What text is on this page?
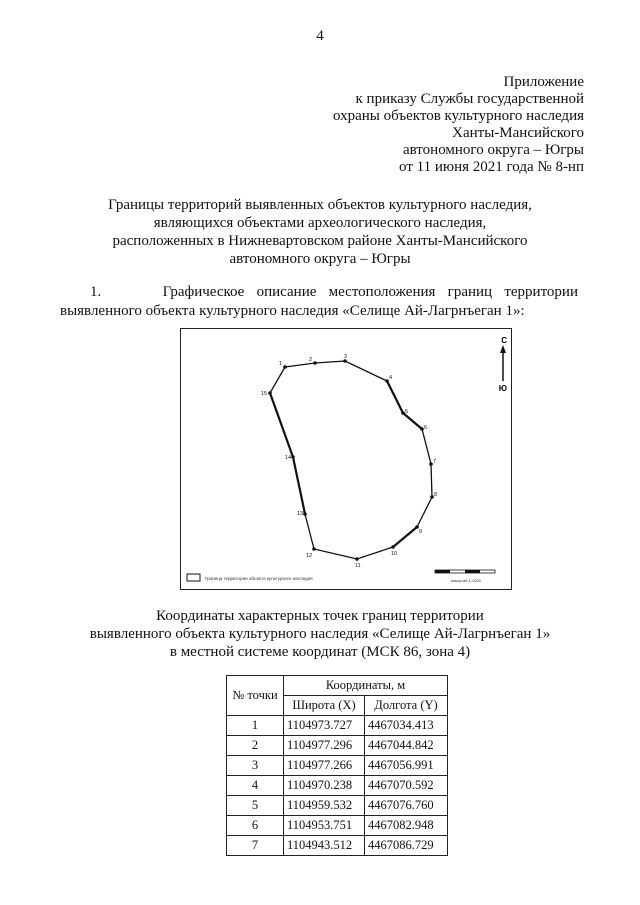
4
Приложение
к приказу Службы государственной
охраны объектов культурного наследия
Ханты-Мансийского
автономного округа – Югры
от 11 июня 2021 года № 8-нп
Границы территорий выявленных объектов культурного наследия,
являющихся объектами археологического наследия,
расположенных в Нижневартовском районе Ханты-Мансийского
автономного округа – Югры
1.	Графическое описание местоположения границ территории выявленного объекта культурного наследия «Селище Ай-Лагрнъеган 1»:
1
2	3
4
5
6
7
8
9
10
11
12
13
14
15
С
Ю
Граница территории объекта культурного наследия	масштаб 1:1000
Координаты характерных точек границ территории
выявленного объекта культурного наследия «Селище Ай-Лагрнъеган 1»
в местной системе координат (МСК 86, зона 4)
№ точки	Координаты, м	
	Широта (X)	Долгота (Y)
1	1104973.727	4467034.413
2	1104977.296	4467044.842
3	1104977.266	4467056.991
4	1104970.238	4467070.592
5	1104959.532	4467076.760
6	1104953.751	4467082.948
7	1104943.512	4467086.729
